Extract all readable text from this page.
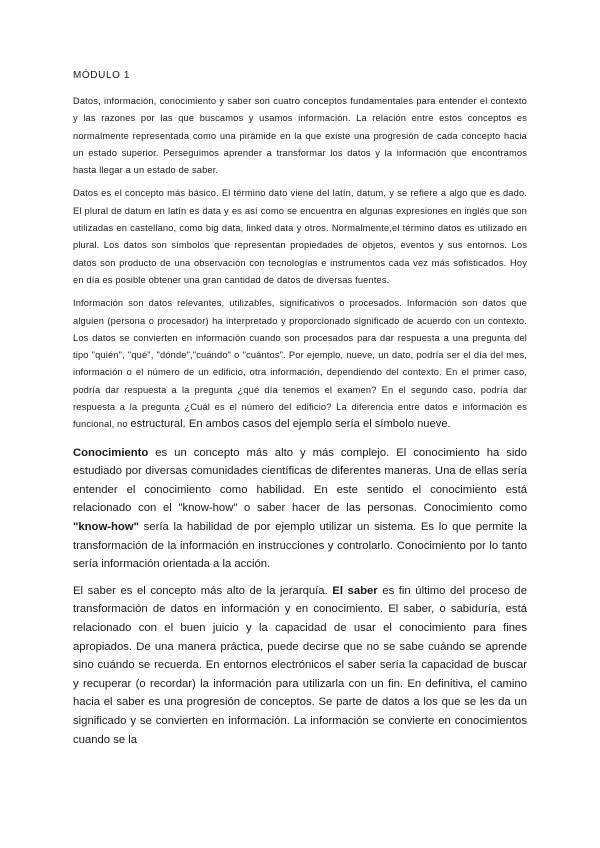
MÓDULO 1

Datos, información, conocimiento y saber son cuatro conceptos fundamentales para entender el contexto y las razones por las que buscamos y usamos información. La relación entre estos conceptos es normalmente representada como una pirámide en la que existe una progresión de cada concepto hacia un estado superior. Perseguimos aprender a transformar los datos y la información que encontramos hasta llegar a un estado de saber.

Datos es el concepto más básico. El término dato viene del latín, datum, y se refiere a algo que es dado. El plural de datum en latín es data y es así como se encuentra en algunas expresiones en inglés que son utilizadas en castellano, como big data, linked data y otros. Normalmente,el término datos es utilizado en plural. Los datos son símbolos que representan propiedades de objetos, eventos y sus entornos. Los datos son producto de una observación con tecnologías e instrumentos cada vez más sofisticados. Hoy en día es posible obtener una gran cantidad de datos de diversas fuentes.

Información son datos relevantes, utilizables, significativos o procesados. Información son datos que alguien (persona o procesador) ha interpretado y proporcionado significado de acuerdo con un contexto. Los datos se convierten en información cuando son procesados para dar respuesta a una pregunta del tipo "quién", "qué", "dónde","cuándo" o "cuántos". Por ejemplo, nueve, un dato, podría ser el día del mes, información o el número de un edificio, otra información, dependiendo del contexto. En el primer caso, podría dar respuesta a la pregunta ¿qué día tenemos el examen? En el segundo caso, podría dar respuesta a la pregunta ¿Cuál es el número del edificio? La diferencia entre datos e información es funcional, no estructural. En ambos casos del ejemplo sería el símbolo nueve.

Conocimiento es un concepto más alto y más complejo. El conocimiento ha sido estudiado por diversas comunidades científicas de diferentes maneras. Una de ellas sería entender el conocimiento como habilidad. En este sentido el conocimiento está relacionado con el "know-how" o saber hacer de las personas. Conocimiento como "know-how" sería la habilidad de por ejemplo utilizar un sistema. Es lo que permite la transformación de la información en instrucciones y controlarlo. Conocimiento por lo tanto sería información orientada a la acción.

El saber es el concepto más alto de la jerarquía. El saber es fin último del proceso de transformación de datos en información y en conocimiento. El saber, o sabiduría, está relacionado con el buen juicio y la capacidad de usar el conocimiento para fines apropiados. De una manera práctica, puede decirse que no se sabe cuándo se aprende sino cuándo se recuerda. En entornos electrónicos el saber sería la capacidad de buscar y recuperar (o recordar) la información para utilizarla con un fin. En definitiva, el camino hacia el saber es una progresión de conceptos. Se parte de datos a los que se les da un significado y se convierten en información. La información se convierte en conocimientos cuando se la
